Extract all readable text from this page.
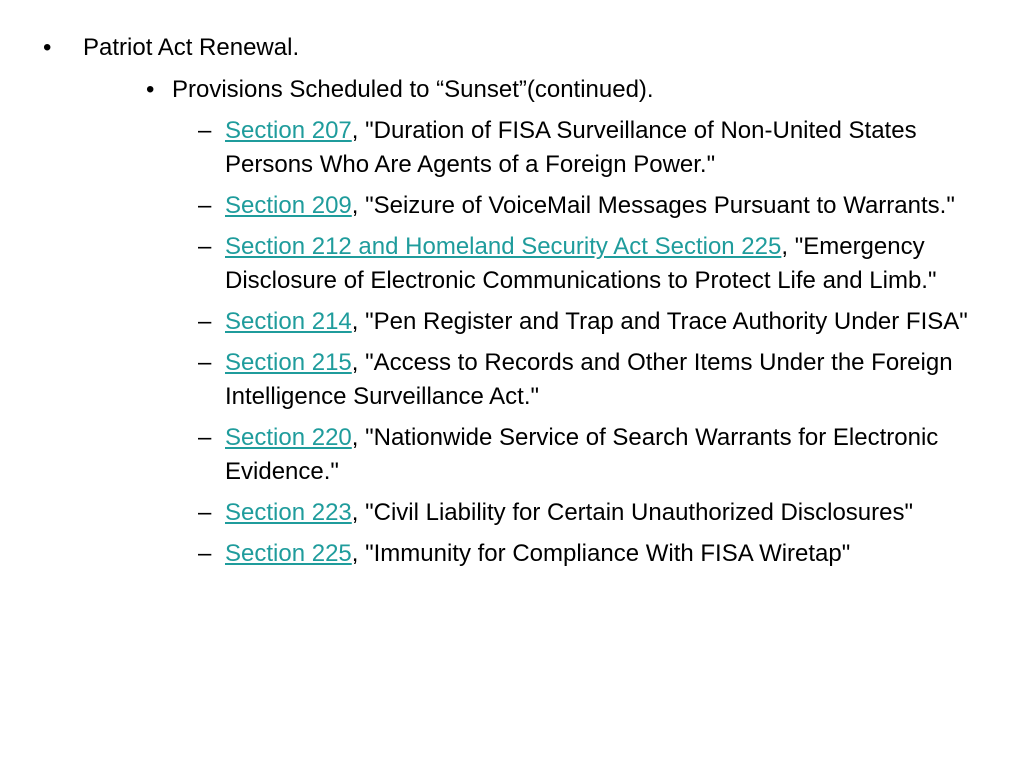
• Patriot Act Renewal.
• Provisions Scheduled to “Sunset”(continued).
– Section 207, "Duration of FISA Surveillance of Non-United States Persons Who Are Agents of a Foreign Power."
– Section 209, "Seizure of VoiceMail Messages Pursuant to Warrants."
– Section 212 and Homeland Security Act Section 225, "Emergency Disclosure of Electronic Communications to Protect Life and Limb."
– Section 214, "Pen Register and Trap and Trace Authority Under FISA"
– Section 215, "Access to Records and Other Items Under the Foreign Intelligence Surveillance Act."
– Section 220, "Nationwide Service of Search Warrants for Electronic Evidence."
– Section 223, "Civil Liability for Certain Unauthorized Disclosures"
– Section 225, "Immunity for Compliance With FISA Wiretap"
